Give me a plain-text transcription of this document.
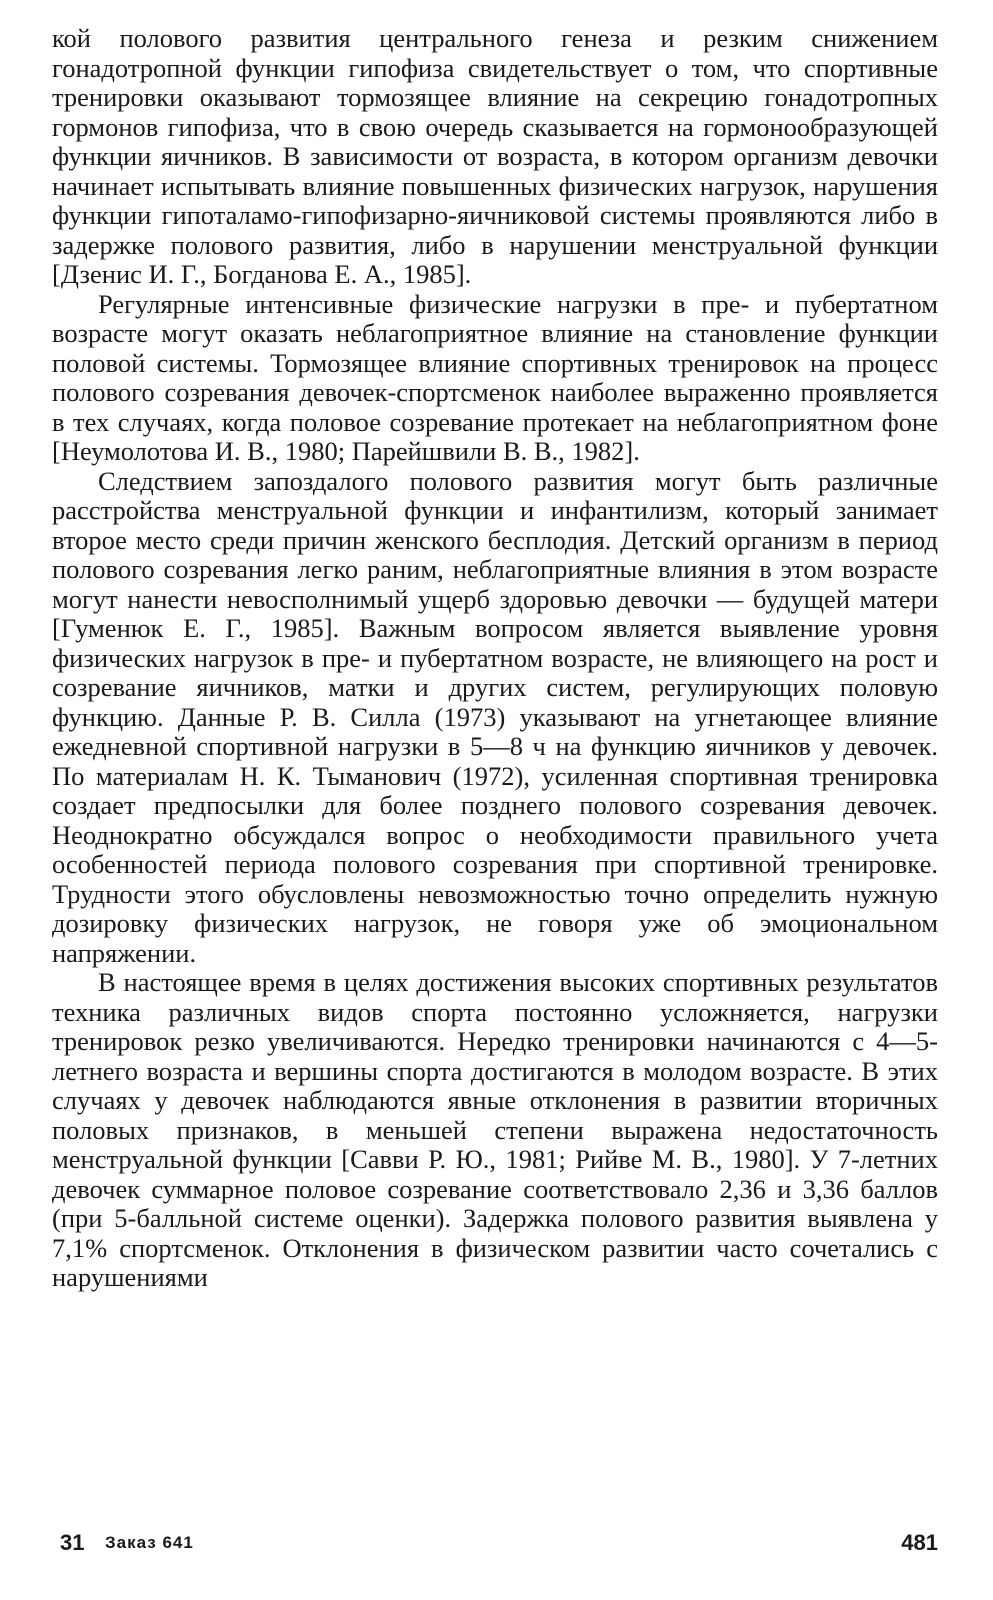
кой полового развития центрального генеза и резким снижением гонадотропной функции гипофиза свидетельствует о том, что спортивные тренировки оказывают тормозящее влияние на секрецию гонадотропных гормонов гипофиза, что в свою очередь сказывается на гормонообразующей функции яичников. В зависимости от возраста, в котором организм девочки начинает испытывать влияние повышенных физических нагрузок, нарушения функции гипоталамо-гипофизарно-яичниковой системы проявляются либо в задержке полового развития, либо в нарушении менструальной функции [Дзенис И. Г., Богданова Е. А., 1985].

Регулярные интенсивные физические нагрузки в пре- и пубертатном возрасте могут оказать неблагоприятное влияние на становление функции половой системы. Тормозящее влияние спортивных тренировок на процесс полового созревания девочек-спортсменок наиболее выраженно проявляется в тех случаях, когда половое созревание протекает на неблагоприятном фоне [Неумолотова И. В., 1980; Парейшвили В. В., 1982].

Следствием запоздалого полового развития могут быть различные расстройства менструальной функции и инфантилизм, который занимает второе место среди причин женского бесплодия. Детский организм в период полового созревания легко раним, неблагоприятные влияния в этом возрасте могут нанести невосполнимый ущерб здоровью девочки — будущей матери [Гуменюк Е. Г., 1985]. Важным вопросом является выявление уровня физических нагрузок в пре- и пубертатном возрасте, не влияющего на рост и созревание яичников, матки и других систем, регулирующих половую функцию. Данные Р. В. Силла (1973) указывают на угнетающее влияние ежедневной спортивной нагрузки в 5—8 ч на функцию яичников у девочек. По материалам Н. К. Тыманович (1972), усиленная спортивная тренировка создает предпосылки для более позднего полового созревания девочек. Неоднократно обсуждался вопрос о необходимости правильного учета особенностей периода полового созревания при спортивной тренировке. Трудности этого обусловлены невозможностью точно определить нужную дозировку физических нагрузок, не говоря уже об эмоциональном напряжении.

В настоящее время в целях достижения высоких спортивных результатов техника различных видов спорта постоянно усложняется, нагрузки тренировок резко увеличиваются. Нередко тренировки начинаются с 4—5-летнего возраста и вершины спорта достигаются в молодом возрасте. В этих случаях у девочек наблюдаются явные отклонения в развитии вторичных половых признаков, в меньшей степени выражена недостаточность менструальной функции [Савви Р. Ю., 1981; Рийве М. В., 1980]. У 7-летних девочек суммарное половое созревание соответствовало 2,36 и 3,36 баллов (при 5-балльной системе оценки). Задержка полового развития выявлена у 7,1% спортсменок. Отклонения в физическом развитии часто сочетались с нарушениями

31 Заказ 641	481
